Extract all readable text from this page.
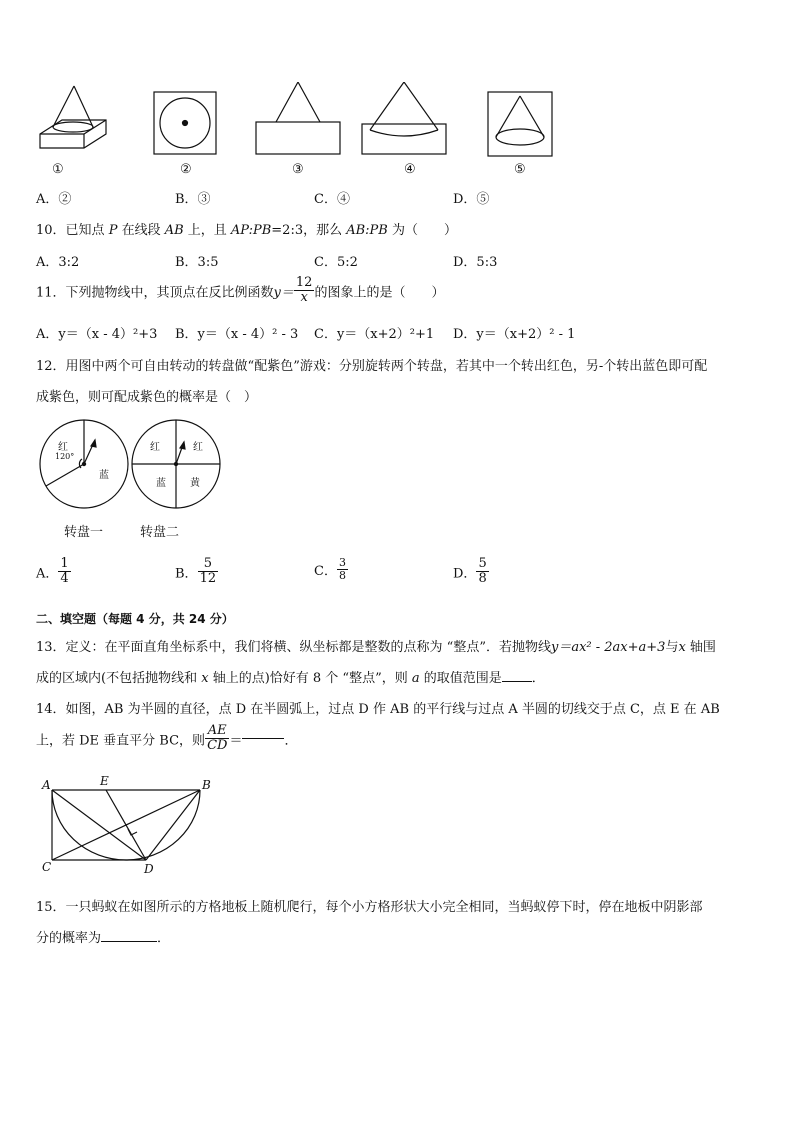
①	②	③	④	⑤
A．②	B．③	C．④	D．⑤
10．已知点 P 在线段 AB 上，且 AP:PB=2:3，那么 AB:PB 为（　　）
A．3:2	B．3:5	C．5:2	D．5:3
11．下列抛物线中，其顶点在反比例函数$y= \frac{12}{x}$ 的图象上的是（　　）
A．y＝（x - 4）²+3 B．y＝（x - 4）² - 3 C．y＝（x+2）²+1 D．y＝（x+2）² - 1
12．用图中两个可自由转动的转盘做“配紫色”游戏：分别旋转两个转盘，若其中一个转出红色，另-个转出蓝色即可配
成紫色，则可配成紫色的概率是（　）
红
120°
蓝
红	红
蓝 黄
转盘一	转盘二
A． $\frac{1}{4}$	B． $\frac{5}{12}$	C． $\frac{3}{8}$	D． $\frac{5}{8}$
二、填空题（每题 4 分，共 24 分）
13．定义：在平面直角坐标系中，我们将横、纵坐标都是整数的点称为 “整点”．若抛物线y＝ax² - 2ax+a+3与x 轴围
成的区域内(不包括抛物线和 x 轴上的点)恰好有 8 个 “整点”，则 a 的取值范围是 ．
14．如图，AB 为半圆的直径，点 D 在半圆弧上，过点 D 作 AB 的平行线与过点 A 半圆的切线交于点 C，点 E 在 AB
上，若 DE 垂直平分 BC，则 $\frac{AE}{CD}$ ＝	．
A	E	B
C	D
15．一只蚂蚁在如图所示的方格地板上随机爬行，每个小方格形状大小完全相同，当蚂蚁停下时，停在地板中阴影部
分的概率为	．
